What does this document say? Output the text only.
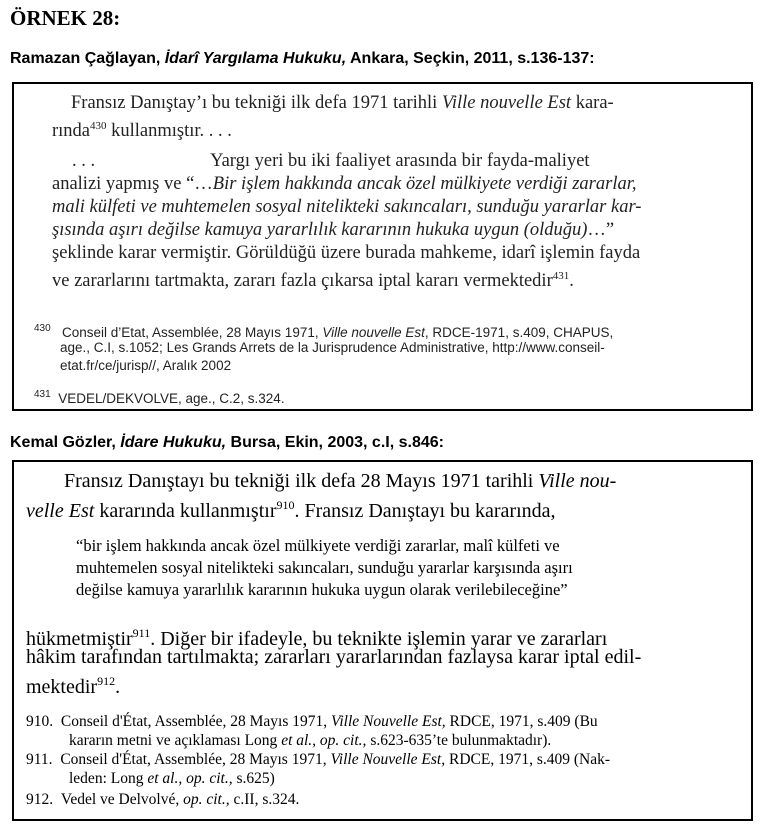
ÖRNEK 28:
Ramazan Çağlayan, İdarî Yargılama Hukuku, Ankara, Seçkin, 2011, s.136-137:
Fransız Danıştay’ı bu tekniği ilk defa 1971 tarihli Ville nouvelle Est kara-
rında$^{430}$ kullanmıştır. . . .
. . .                         Yargı yeri bu iki faaliyet arasında bir fayda-maliyet
analizi yapmış ve “…Bir işlem hakkında ancak özel mülkiyete verdiği zararlar,
mali külfeti ve muhtemelen sosyal nitelikteki sakıncaları, sunduğu yararlar kar-
şısında aşırı değilse kamuya yararlılık kararının hukuka uygun (olduğu)…”
şeklinde karar vermiştir. Görüldüğü üzere burada mahkeme, idarî işlemin fayda
ve zararlarını tartmakta, zararı fazla çıkarsa iptal kararı vermektedir$^{431}$.
$^{430}$ Conseil d’Etat, Assemblée, 28 Mayıs 1971, Ville nouvelle Est, RDCE-1971, s.409, CHAPUS,
age., C.I, s.1052; Les Grands Arrets de la Jurisprudence Administrative, http://www.conseil-
etat.fr/ce/jurisp//, Aralık 2002
$^{431}$ VEDEL/DEKVOLVE, age., C.2, s.324.
Kemal Gözler, İdare Hukuku, Bursa, Ekin, 2003, c.I, s.846:
Fransız Danıştayı bu tekniği ilk defa 28 Mayıs 1971 tarihli Ville nou-
velle Est kararında kullanmıştır$^{910}$. Fransız Danıştayı bu kararında,
“bir işlem hakkında ancak özel mülkiyete verdiği zararlar, malî külfeti ve
muhtemelen sosyal nitelikteki sakıncaları, sunduğu yararlar karşısında aşırı
değilse kamuya yararlılık kararının hukuka uygun olarak verilebileceğine”
hükmetmiştir$^{911}$. Diğer bir ifadeyle, bu teknikte işlemin yarar ve zararları
hâkim tarafından tartılmakta; zararları yararlarından fazlaysa karar iptal edil-
mektedir$^{912}$.
910. Conseil d'État, Assemblée, 28 Mayıs 1971, Ville Nouvelle Est, RDCE, 1971, s.409 (Bu
kararın metni ve açıklaması Long et al., op. cit., s.623-635’te bulunmaktadır).
911. Conseil d'État, Assemblée, 28 Mayıs 1971, Ville Nouvelle Est, RDCE, 1971, s.409 (Nak-
leden: Long et al., op. cit., s.625)
912. Vedel ve Delvolvé, op. cit., c.II, s.324.
